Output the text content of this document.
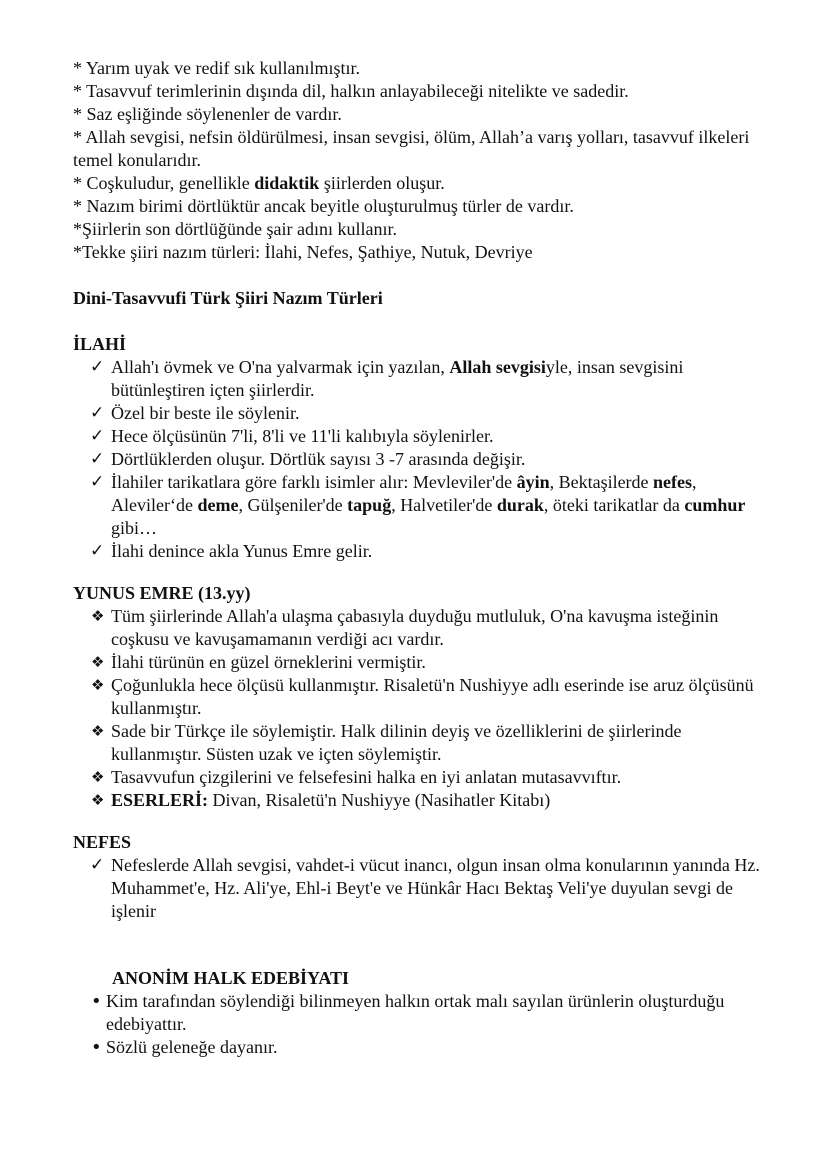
* Yarım uyak ve redif sık kullanılmıştır.

* Tasavvuf terimlerinin dışında dil, halkın anlayabileceği nitelikte ve sadedir.

* Saz eşliğinde söylenenler de vardır.

* Allah sevgisi, nefsin öldürülmesi, insan sevgisi, ölüm, Allah’a varış yolları, tasavvuf ilkeleri temel konularıdır.

* Coşkuludur, genellikle didaktik şiirlerden oluşur.

* Nazım birimi dörtlüktür ancak beyitle oluşturulmuş türler de vardır.

*Şiirlerin son dörtlüğünde şair adını kullanır.

*Tekke şiiri nazım türleri: İlahi, Nefes, Şathiye, Nutuk, Devriye

Dini-Tasavvufi Türk Şiiri Nazım Türleri

İLAHİ

✓ Allah'ı övmek ve O'na yalvarmak için yazılan, Allah sevgisiyle, insan sevgisini bütünleştiren içten şiirlerdir.
✓ Özel bir beste ile söylenir.
✓ Hece ölçüsünün 7'li, 8'li ve 11'li kalıbıyla söylenirler.
✓ Dörtlüklerden oluşur. Dörtlük sayısı 3 -7 arasında değişir.
✓ İlahiler tarikatlara göre farklı isimler alır: Mevleviler'de âyin, Bektaşilerde nefes, Aleviler‘de deme, Gülşeniler'de tapuğ, Halvetiler'de durak, öteki tarikatlar da cumhur gibi…
✓ İlahi denince akla Yunus Emre gelir.

YUNUS EMRE (13.yy)

❖ Tüm şiirlerinde Allah'a ulaşma çabasıyla duyduğu mutluluk, O'na kavuşma isteğinin coşkusu ve kavuşamamanın verdiği acı vardır.
❖ İlahi türünün en güzel örneklerini vermiştir.
❖ Çoğunlukla hece ölçüsü kullanmıştır. Risaletü'n Nushiyye adlı eserinde ise aruz ölçüsünü kullanmıştır.
❖ Sade bir Türkçe ile söylemiştir. Halk dilinin deyiş ve özelliklerini de şiirlerinde kullanmıştır. Süsten uzak ve içten söylemiştir.
❖ Tasavvufun çizgilerini ve felsefesini halka en iyi anlatan mutasavvıftır.
❖ ESERLERİ: Divan, Risaletü'n Nushiyye (Nasihatler Kitabı)

NEFES

✓ Nefeslerde Allah sevgisi, vahdet-i vücut inancı, olgun insan olma konularının yanında Hz. Muhammet'e, Hz. Ali'ye, Ehl-i Beyt'e ve Hünkâr Hacı Bektaş Veli'ye duyulan sevgi de işlenir

ANONİM HALK EDEBİYATI

• Kim tarafından söylendiği bilinmeyen halkın ortak malı sayılan ürünlerin oluşturduğu edebiyattır.
• Sözlü geleneğe dayanır.
